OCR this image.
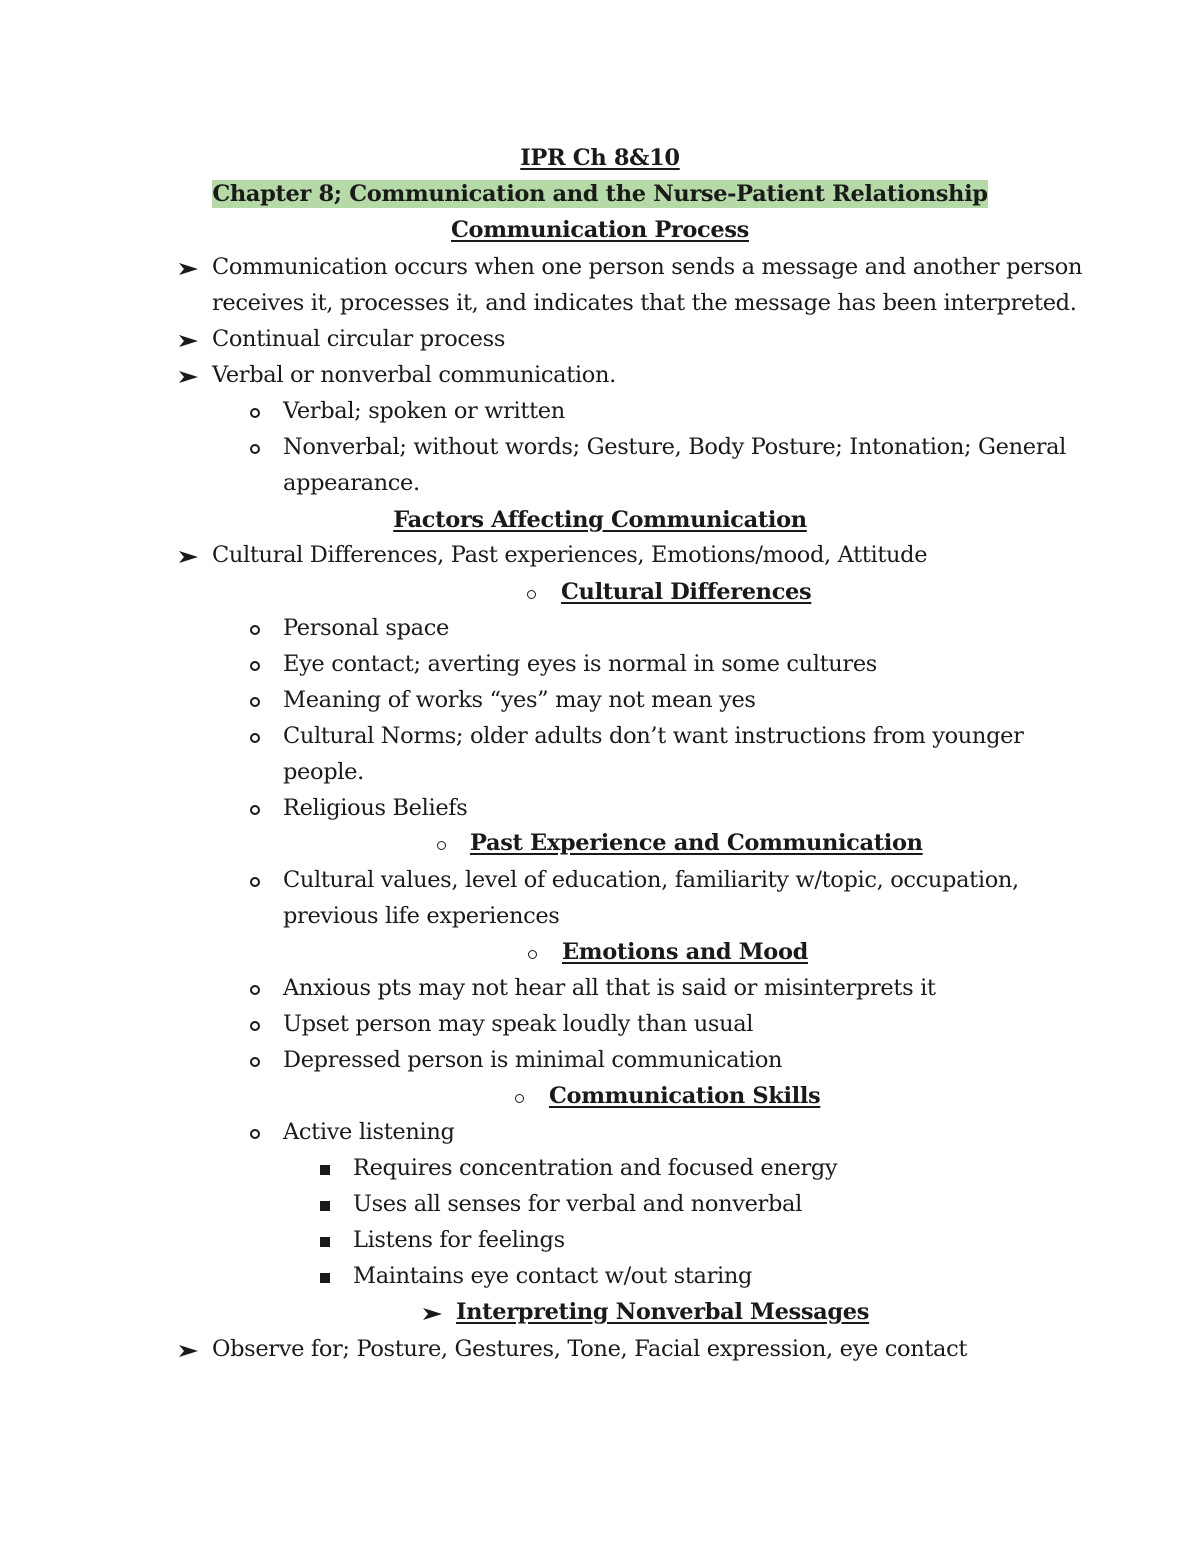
IPR Ch 8&10
Chapter 8; Communication and the Nurse-Patient Relationship
Communication Process
Communication occurs when one person sends a message and another person
receives it, processes it, and indicates that the message has been interpreted.
Continual circular process
Verbal or nonverbal communication.
Verbal; spoken or written
Nonverbal; without words; Gesture, Body Posture; Intonation; General
appearance.
Factors Affecting Communication
Cultural Differences, Past experiences, Emotions/mood, Attitude
Cultural Differences
Personal space
Eye contact; averting eyes is normal in some cultures
Meaning of works “yes” may not mean yes
Cultural Norms; older adults don’t want instructions from younger
people.
Religious Beliefs
Past Experience and Communication
Cultural values, level of education, familiarity w/topic, occupation,
previous life experiences
Emotions and Mood
Anxious pts may not hear all that is said or misinterprets it
Upset person may speak loudly than usual
Depressed person is minimal communication
Communication Skills
Active listening
Requires concentration and focused energy
Uses all senses for verbal and nonverbal
Listens for feelings
Maintains eye contact w/out staring
Interpreting Nonverbal Messages
Observe for; Posture, Gestures, Tone, Facial expression, eye contact
